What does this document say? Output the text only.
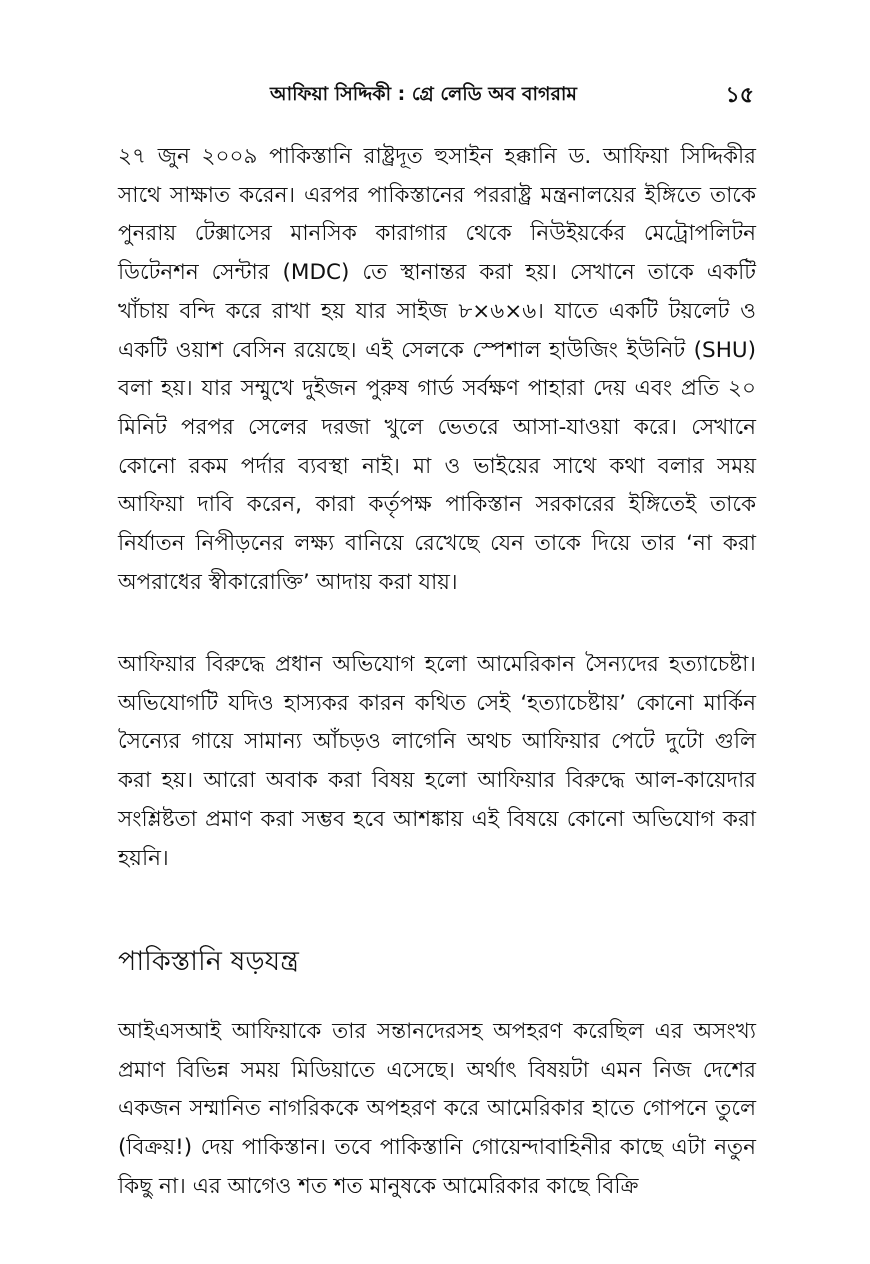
আফিয়া সিদ্দিকী : গ্রে লেডি অব বাগরাম	১৫

২৭ জুন ২০০৯ পাকিস্তানি রাষ্ট্রদূত হুসাইন হক্কানি ড. আফিয়া সিদ্দিকীর সাথে সাক্ষাত করেন। এরপর পাকিস্তানের পররাষ্ট্র মন্ত্রনালয়ের ইঙ্গিতে তাকে পুনরায় টেক্সাসের মানসিক কারাগার থেকে নিউইয়র্কের মেট্রোপলিটন ডিটেনশন সেন্টার (MDC) তে স্থানান্তর করা হয়। সেখানে তাকে একটি খাঁচায় বন্দি করে রাখা হয় যার সাইজ ৮×৬×৬। যাতে একটি টয়লেট ও একটি ওয়াশ বেসিন রয়েছে। এই সেলকে স্পেশাল হাউজিং ইউনিট (SHU) বলা হয়। যার সম্মুখে দুইজন পুরুষ গার্ড সর্বক্ষণ পাহারা দেয় এবং প্রতি ২০ মিনিট পরপর সেলের দরজা খুলে ভেতরে আসা-যাওয়া করে। সেখানে কোনো রকম পর্দার ব্যবস্থা নাই। মা ও ভাইয়ের সাথে কথা বলার সময় আফিয়া দাবি করেন, কারা কর্তৃপক্ষ পাকিস্তান সরকারের ইঙ্গিতেই তাকে নির্যাতন নিপীড়নের লক্ষ্য বানিয়ে রেখেছে যেন তাকে দিয়ে তার ‘না করা অপরাধের স্বীকারোক্তি’ আদায় করা যায়।

আফিয়ার বিরুদ্ধে প্রধান অভিযোগ হলো আমেরিকান সৈন্যদের হত্যাচেষ্টা। অভিযোগটি যদিও হাস্যকর কারন কথিত সেই ‘হত্যাচেষ্টায়’ কোনো মার্কিন সৈন্যের গায়ে সামান্য আঁচড়ও লাগেনি অথচ আফিয়ার পেটে দুটো গুলি করা হয়। আরো অবাক করা বিষয় হলো আফিয়ার বিরুদ্ধে আল-কায়েদার সংশ্লিষ্টতা প্রমাণ করা সম্ভব হবে আশঙ্কায় এই বিষয়ে কোনো অভিযোগ করা হয়নি।

পাকিস্তানি ষড়যন্ত্র

আইএসআই আফিয়াকে তার সন্তানদেরসহ অপহরণ করেছিল এর অসংখ্য প্রমাণ বিভিন্ন সময় মিডিয়াতে এসেছে। অর্থাৎ বিষয়টা এমন নিজ দেশের একজন সম্মানিত নাগরিককে অপহরণ করে আমেরিকার হাতে গোপনে তুলে (বিক্রয়!) দেয় পাকিস্তান। তবে পাকিস্তানি গোয়েন্দাবাহিনীর কাছে এটা নতুন কিছু না। এর আগেও শত শত মানুষকে আমেরিকার কাছে বিক্রি
